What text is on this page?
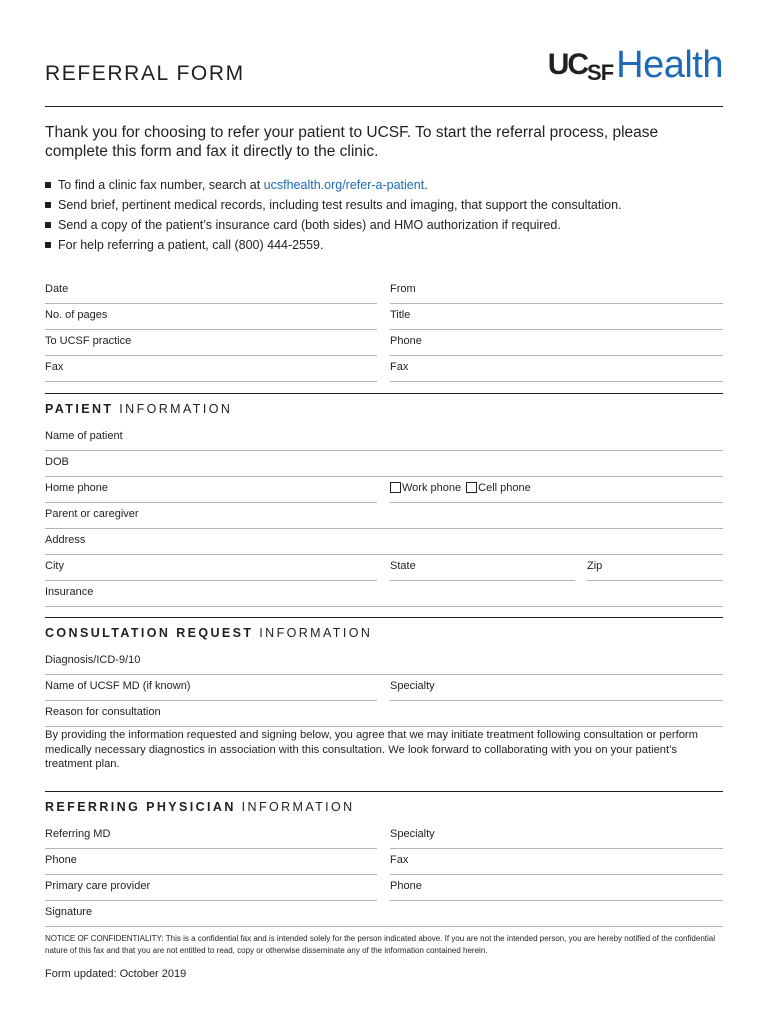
REFERRAL FORM	UCSFHealth
Thank you for choosing to refer your patient to UCSF. To start the referral process, please complete this form and fax it directly to the clinic.
To find a clinic fax number, search at ucsfhealth.org/refer-a-patient.
Send brief, pertinent medical records, including test results and imaging, that support the consultation.
Send a copy of the patient’s insurance card (both sides) and HMO authorization if required.
For help referring a patient, call (800) 444-2559.
Date	From
No. of pages	Title
To UCSF practice	Phone
Fax	Fax
PATIENT INFORMATION
Name of patient
DOB
Home phone	Work phone Cell phone
Parent or caregiver
Address
City	State	Zip
Insurance
CONSULTATION REQUEST INFORMATION
Diagnosis/ICD-9/10
Name of UCSF MD (if known)	Specialty
Reason for consultation
By providing the information requested and signing below, you agree that we may initiate treatment following consultation or perform medically necessary diagnostics in association with this consultation. We look forward to collaborating with you on your patient’s treatment plan.
REFERRING PHYSICIAN INFORMATION
Referring MD	Specialty
Phone	Fax
Primary care provider	Phone
Signature
NOTICE OF CONFIDENTIALITY: This is a confidential fax and is intended solely for the person indicated above. If you are not the intended person, you are hereby notified of the confidential nature of this fax and that you are not entitled to read, copy or otherwise disseminate any of the information contained herein.
Form updated: October 2019
